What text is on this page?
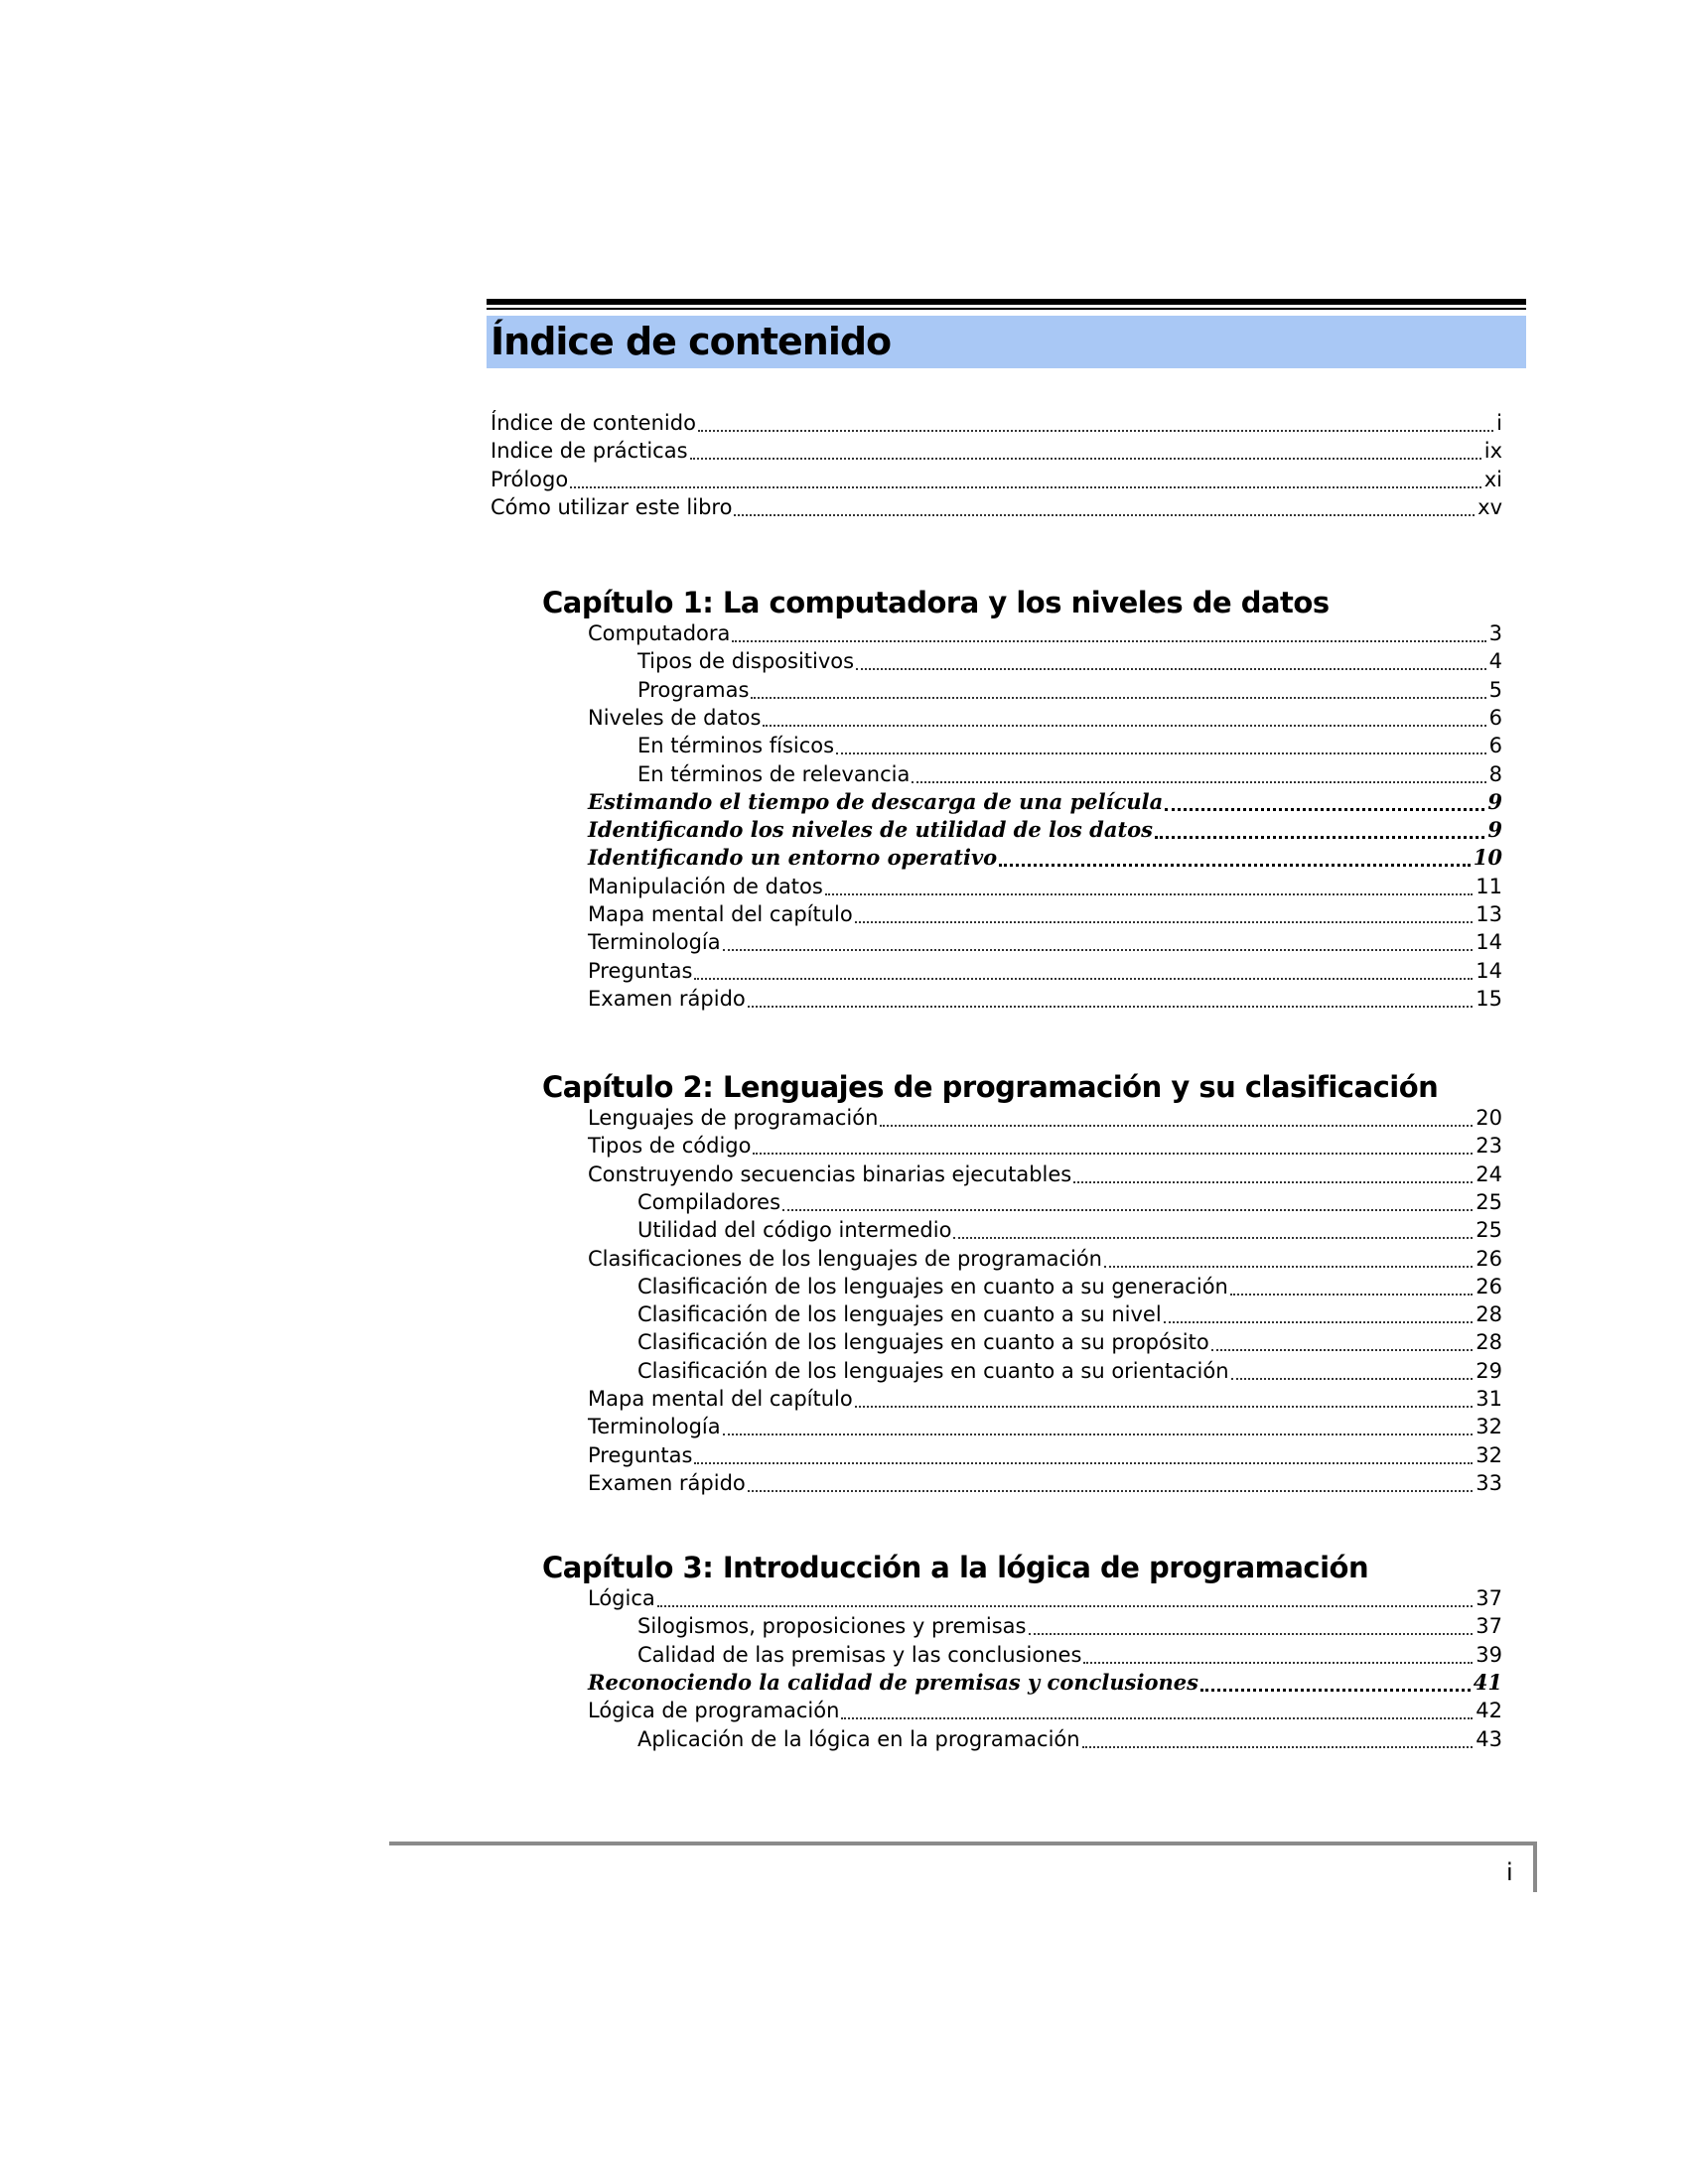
Índice de contenido
Índice de contenido	i
Indice de prácticas	ix
Prólogo	xi
Cómo utilizar este libro	xv
Capítulo 1: La computadora y los niveles de datos
Computadora	3
Tipos de dispositivos	4
Programas	5
Niveles de datos	6
En términos físicos	6
En términos de relevancia	8
Estimando el tiempo de descarga de una película	9
Identificando los niveles de utilidad de los datos	9
Identificando un entorno operativo	10
Manipulación de datos	11
Mapa mental del capítulo	13
Terminología	14
Preguntas	14
Examen rápido	15
Capítulo 2: Lenguajes de programación y su clasificación
Lenguajes de programación	20
Tipos de código	23
Construyendo secuencias binarias ejecutables	24
Compiladores	25
Utilidad del código intermedio	25
Clasificaciones de los lenguajes de programación	26
Clasificación de los lenguajes en cuanto a su generación	26
Clasificación de los lenguajes en cuanto a su nivel	28
Clasificación de los lenguajes en cuanto a su propósito	28
Clasificación de los lenguajes en cuanto a su orientación	29
Mapa mental del capítulo	31
Terminología	32
Preguntas	32
Examen rápido	33
Capítulo 3: Introducción a la lógica de programación
Lógica	37
Silogismos, proposiciones y premisas	37
Calidad de las premisas y las conclusiones	39
Reconociendo la calidad de premisas y conclusiones	41
Lógica de programación	42
Aplicación de la lógica en la programación	43
i
